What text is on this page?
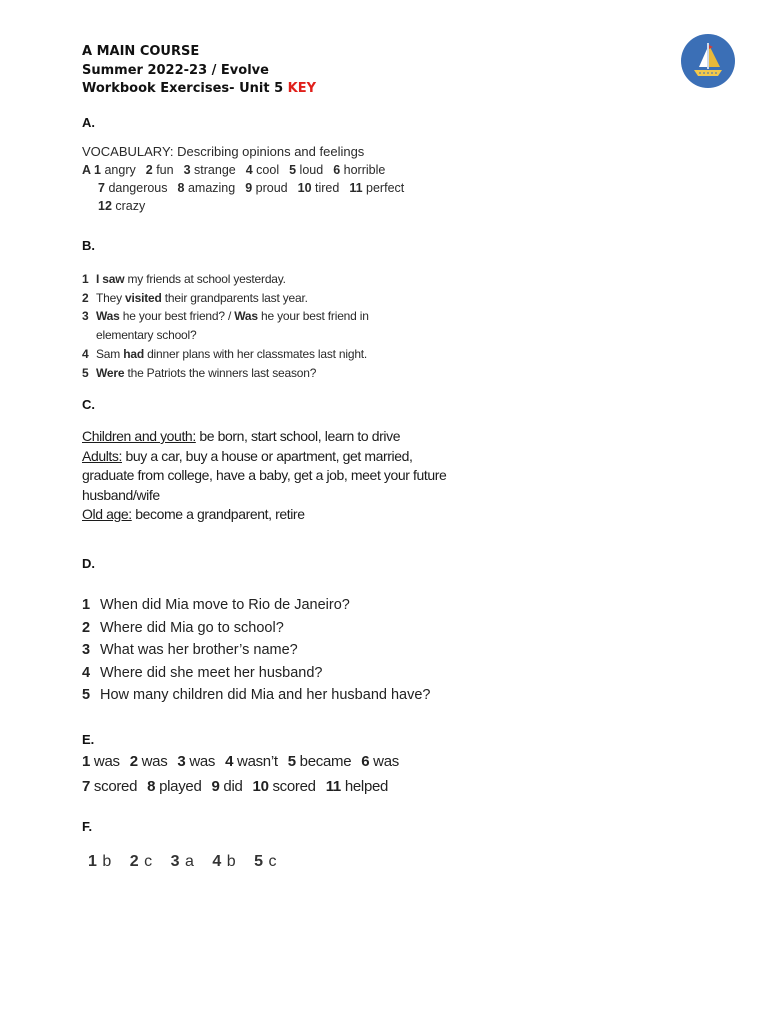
A MAIN COURSE
Summer 2022-23 / Evolve
Workbook Exercises- Unit 5 KEY
A.
VOCABULARY: Describing opinions and feelings
A 1 angry 2 fun 3 strange 4 cool 5 loud 6 horrible
7 dangerous 8 amazing 9 proud 10 tired 11 perfect
12 crazy
B.
1 I saw my friends at school yesterday.
2 They visited their grandparents last year.
3 Was he your best friend? / Was he your best friend in
elementary school?
4 Sam had dinner plans with her classmates last night.
5 Were the Patriots the winners last season?
C.
Children and youth: be born, start school, learn to drive
Adults: buy a car, buy a house or apartment, get married,
graduate from college, have a baby, get a job, meet your future
husband/wife
Old age: become a grandparent, retire
D.
1 When did Mia move to Rio de Janeiro?
2 Where did Mia go to school?
3 What was her brother’s name?
4 Where did she meet her husband?
5 How many children did Mia and her husband have?
E.
1 was 2 was 3 was 4 wasn’t 5 became 6 was
7 scored 8 played 9 did 10 scored 11 helped
F.
1 b 2 c 3 a 4 b 5 c
